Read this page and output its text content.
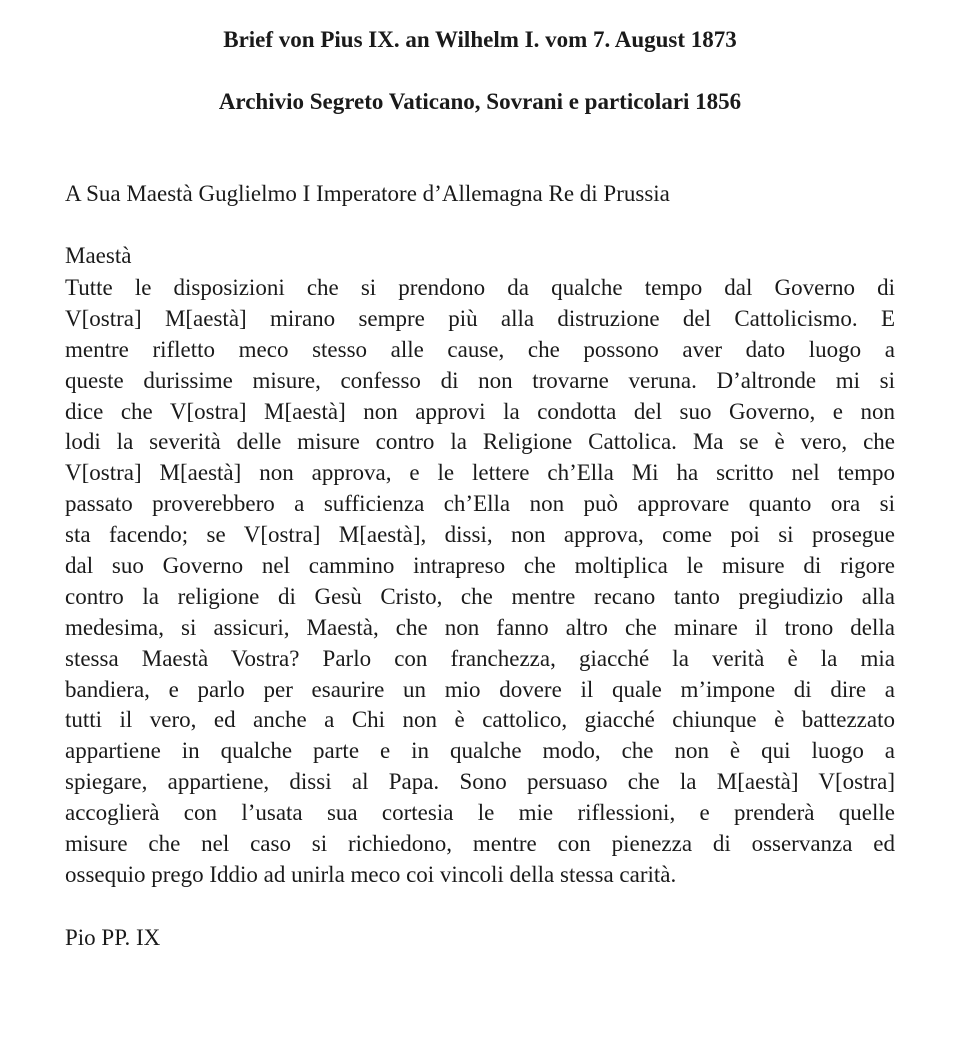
Brief von Pius IX. an Wilhelm I. vom 7. August 1873
Archivio Segreto Vaticano, Sovrani e particolari 1856
A Sua Maestà Guglielmo I Imperatore d’Allemagna Re di Prussia
Maestà
Tutte le disposizioni che si prendono da qualche tempo dal Governo di
V[ostra] M[aestà] mirano sempre più alla distruzione del Cattolicismo. E
mentre rifletto meco stesso alle cause, che possono aver dato luogo a
queste durissime misure, confesso di non trovarne veruna. D’altronde mi si
dice che V[ostra] M[aestà] non approvi la condotta del suo Governo, e non
lodi la severità delle misure contro la Religione Cattolica. Ma se è vero, che
V[ostra] M[aestà] non approva, e le lettere ch’Ella Mi ha scritto nel tempo
passato proverebbero a sufficienza ch’Ella non può approvare quanto ora si
sta facendo; se V[ostra] M[aestà], dissi, non approva, come poi si prosegue
dal suo Governo nel cammino intrapreso che moltiplica le misure di rigore
contro la religione di Gesù Cristo, che mentre recano tanto pregiudizio alla
medesima, si assicuri, Maestà, che non fanno altro che minare il trono della
stessa Maestà Vostra? Parlo con franchezza, giacché la verità è la mia
bandiera, e parlo per esaurire un mio dovere il quale m’impone di dire a
tutti il vero, ed anche a Chi non è cattolico, giacché chiunque è battezzato
appartiene in qualche parte e in qualche modo, che non è qui luogo a
spiegare, appartiene, dissi al Papa. Sono persuaso che la M[aestà] V[ostra]
accoglierà con l’usata sua cortesia le mie riflessioni, e prenderà quelle
misure che nel caso si richiedono, mentre con pienezza di osservanza ed
ossequio prego Iddio ad unirla meco coi vincoli della stessa carità.
Pio PP. IX
